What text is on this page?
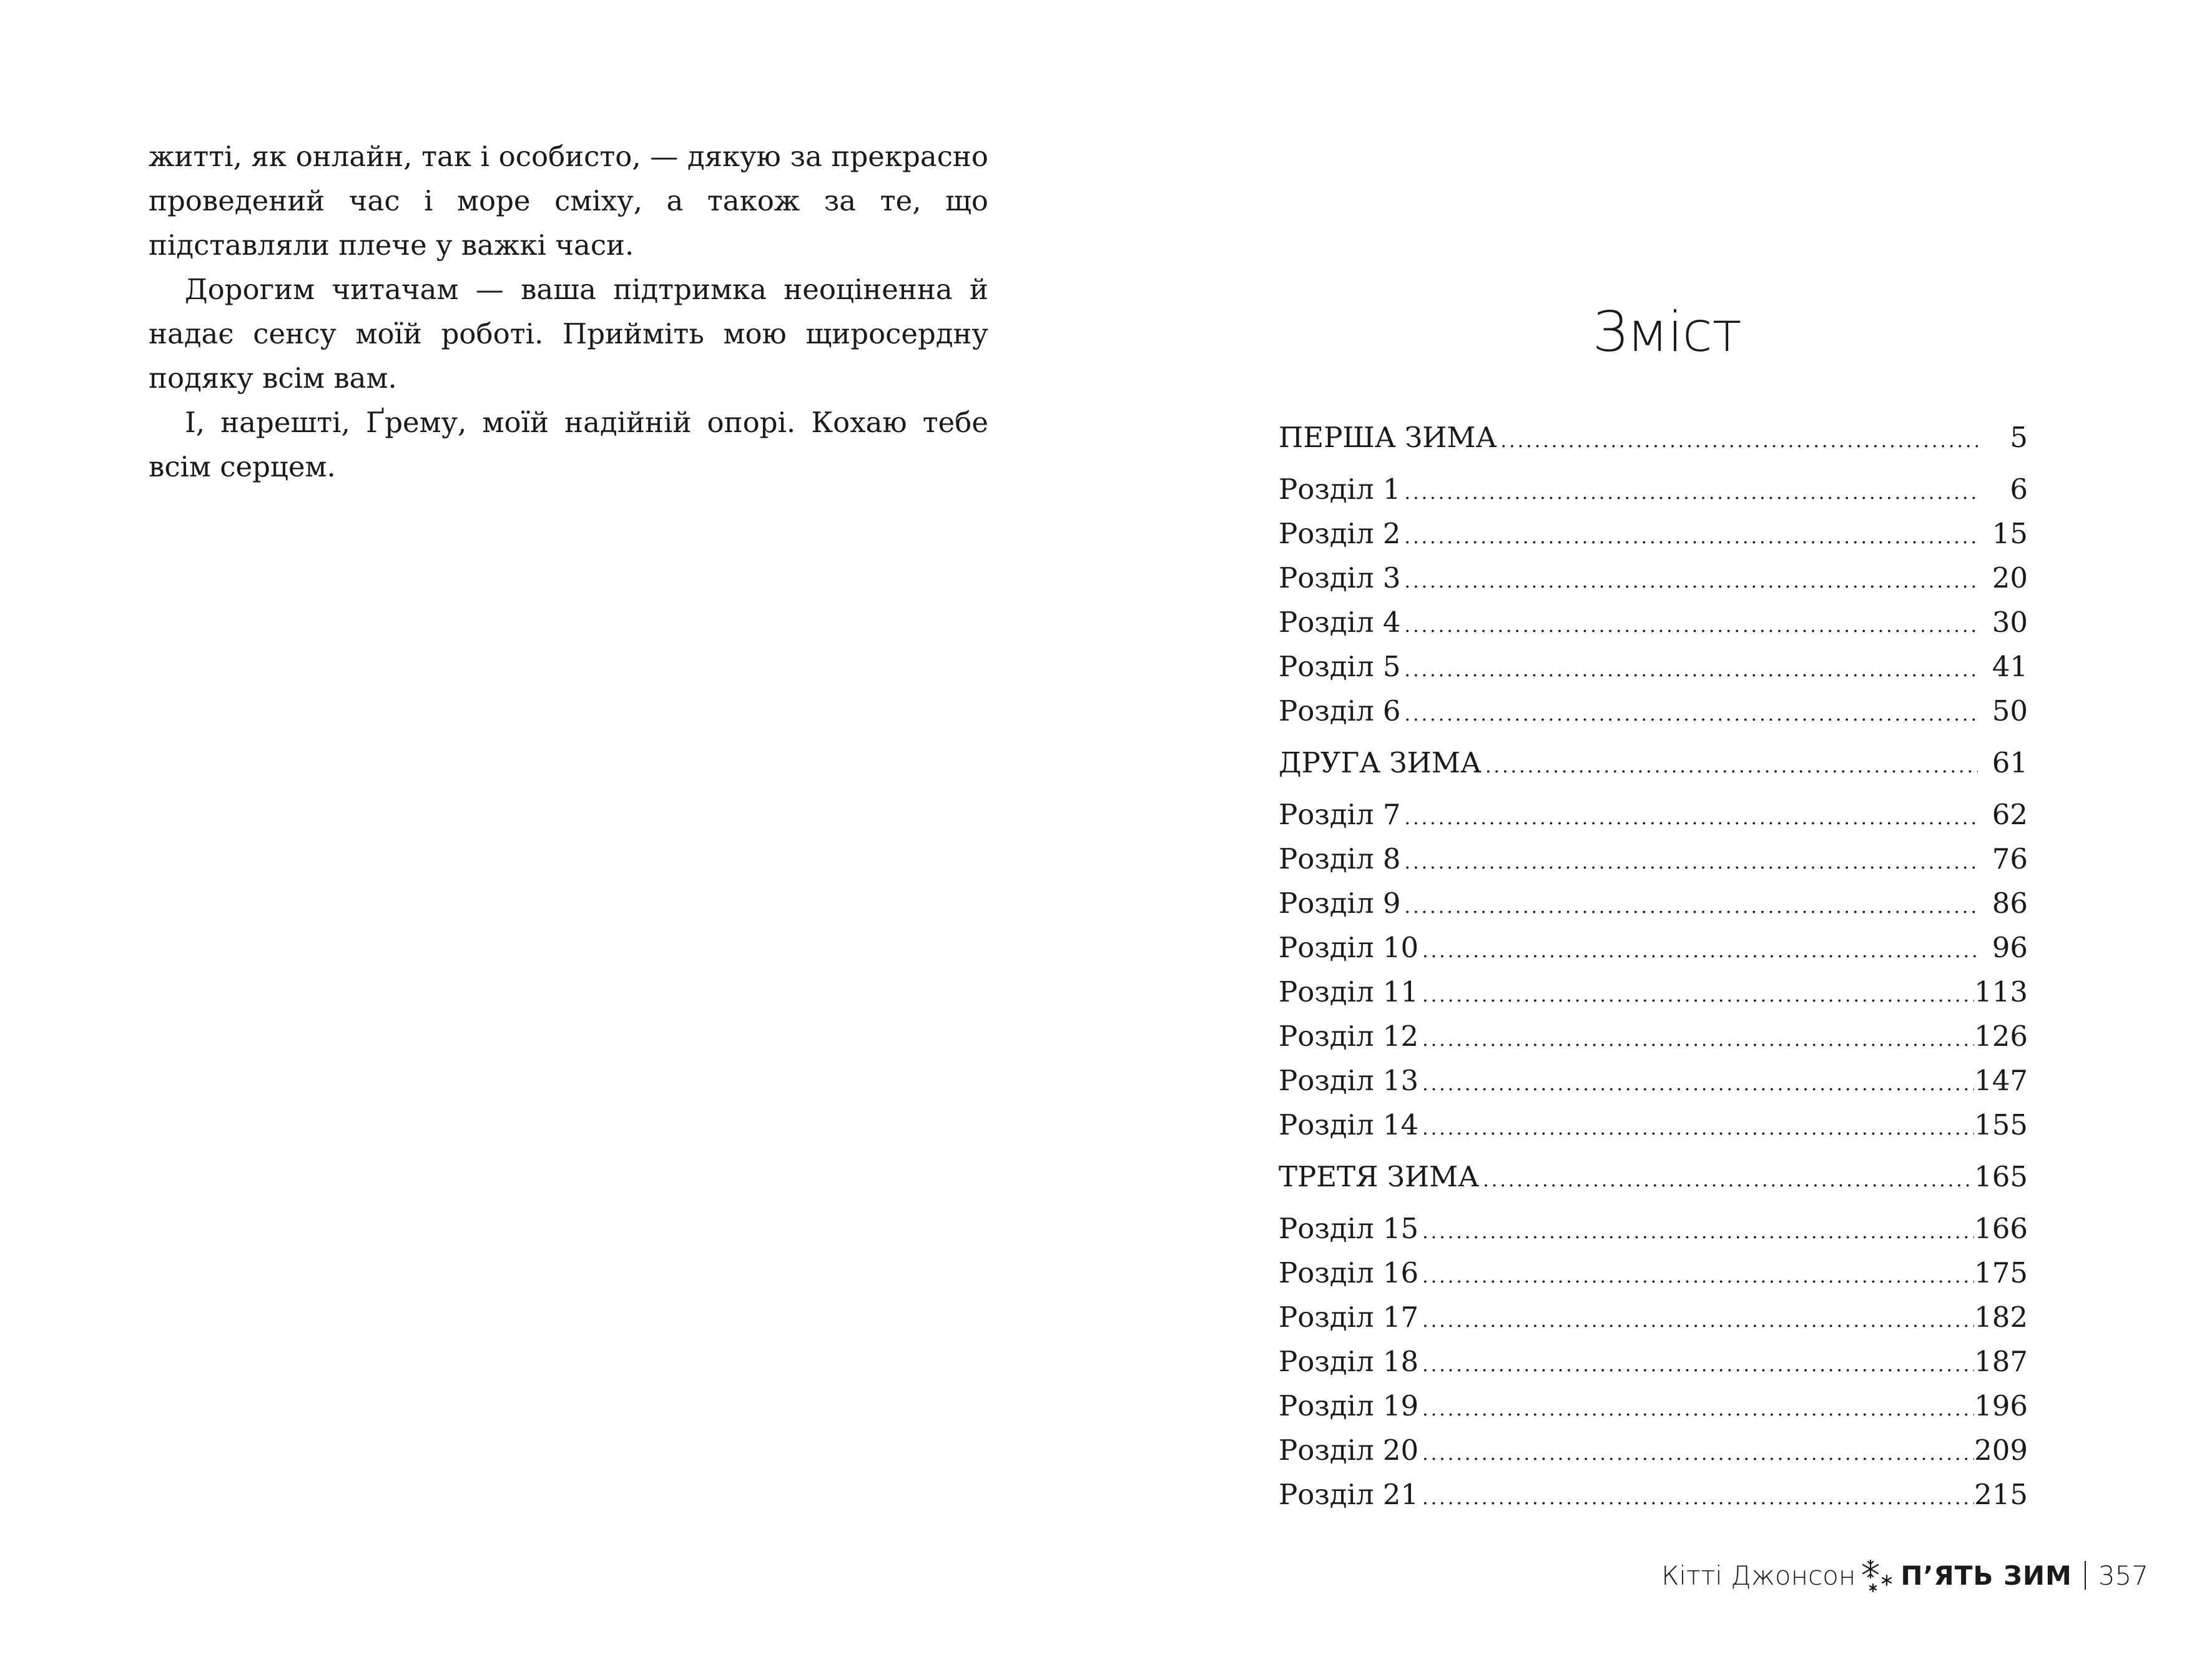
житті, як онлайн, так і особисто, — дякую за прекрасно проведений час і море сміху, а також за те, що підставляли плече у важкі часи.

Дорогим читачам — ваша підтримка неоціненна й надає сенсу моїй роботі. Прийміть мою щиросердну подяку всім вам.

І, нарешті, Ґрему, моїй надійній опорі. Кохаю тебе всім серцем.

Зміст
ПЕРША ЗИМА .....	5
Розділ 1 .....	6
Розділ 2 .....	15
Розділ 3 .....	20
Розділ 4 .....	30
Розділ 5 .....	41
Розділ 6 .....	50
ДРУГА ЗИМА .....	61
Розділ 7 .....	62
Розділ 8 .....	76
Розділ 9 .....	86
Розділ 10 .....	96
Розділ 11 .....	113
Розділ 12 .....	126
Розділ 13 .....	147
Розділ 14 .....	155
ТРЕТЯ ЗИМА .....	165
Розділ 15 .....	166
Розділ 16 .....	175
Розділ 17 .....	182
Розділ 18 .....	187
Розділ 19 .....	196
Розділ 20 .....	209
Розділ 21 .....	215
Кітті Джонсон П’ЯТЬ ЗИМ 357
